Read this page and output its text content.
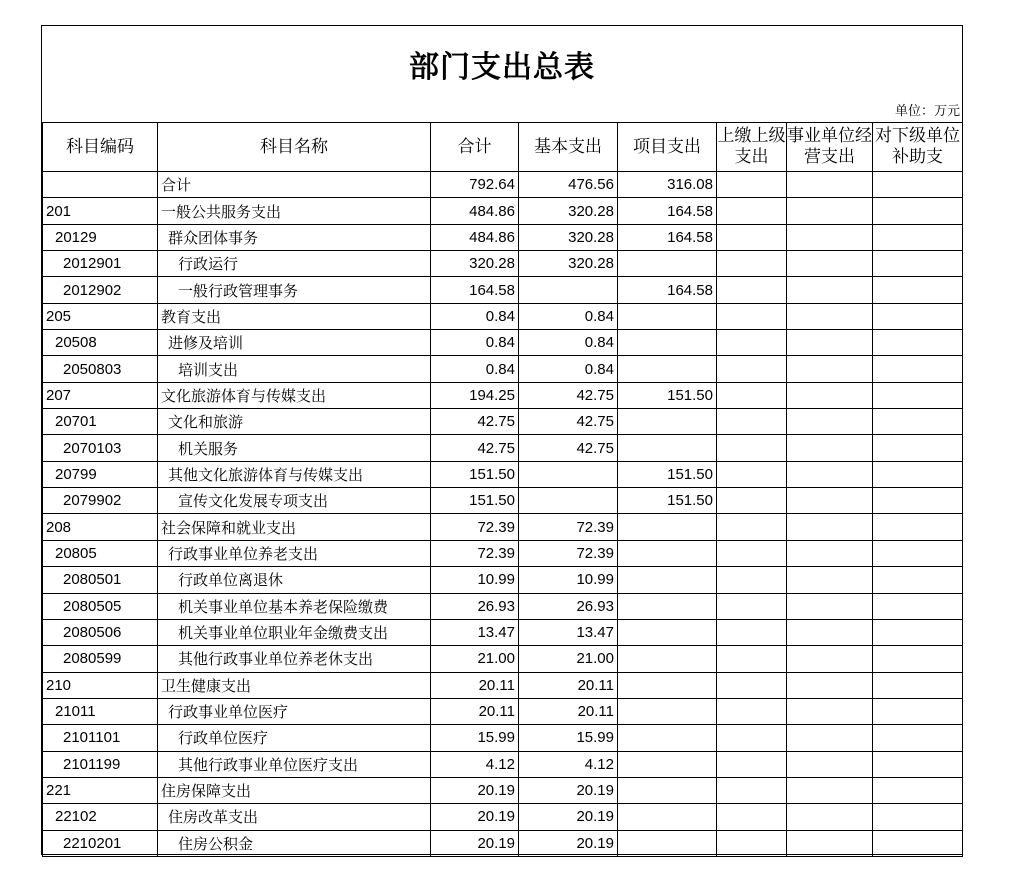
部门支出总表
单位：万元
科目编码	科目名称	合计	基本支出	项目支出	上缴上级支出	事业单位经营支出	对下级单位补助支
	合计	792.64	476.56	316.08			
201	一般公共服务支出	484.86	320.28	164.58			
20129	群众团体事务	484.86	320.28	164.58			
2012901	行政运行	320.28	320.28				
2012902	一般行政管理事务	164.58		164.58			
205	教育支出	0.84	0.84				
20508	进修及培训	0.84	0.84				
2050803	培训支出	0.84	0.84				
207	文化旅游体育与传媒支出	194.25	42.75	151.50			
20701	文化和旅游	42.75	42.75				
2070103	机关服务	42.75	42.75				
20799	其他文化旅游体育与传媒支出	151.50		151.50			
2079902	宣传文化发展专项支出	151.50		151.50			
208	社会保障和就业支出	72.39	72.39				
20805	行政事业单位养老支出	72.39	72.39				
2080501	行政单位离退休	10.99	10.99				
2080505	机关事业单位基本养老保险缴费	26.93	26.93				
2080506	机关事业单位职业年金缴费支出	13.47	13.47				
2080599	其他行政事业单位养老休支出	21.00	21.00				
210	卫生健康支出	20.11	20.11				
21011	行政事业单位医疗	20.11	20.11				
2101101	行政单位医疗	15.99	15.99				
2101199	其他行政事业单位医疗支出	4.12	4.12				
221	住房保障支出	20.19	20.19				
22102	住房改革支出	20.19	20.19				
2210201	住房公积金	20.19	20.19				
